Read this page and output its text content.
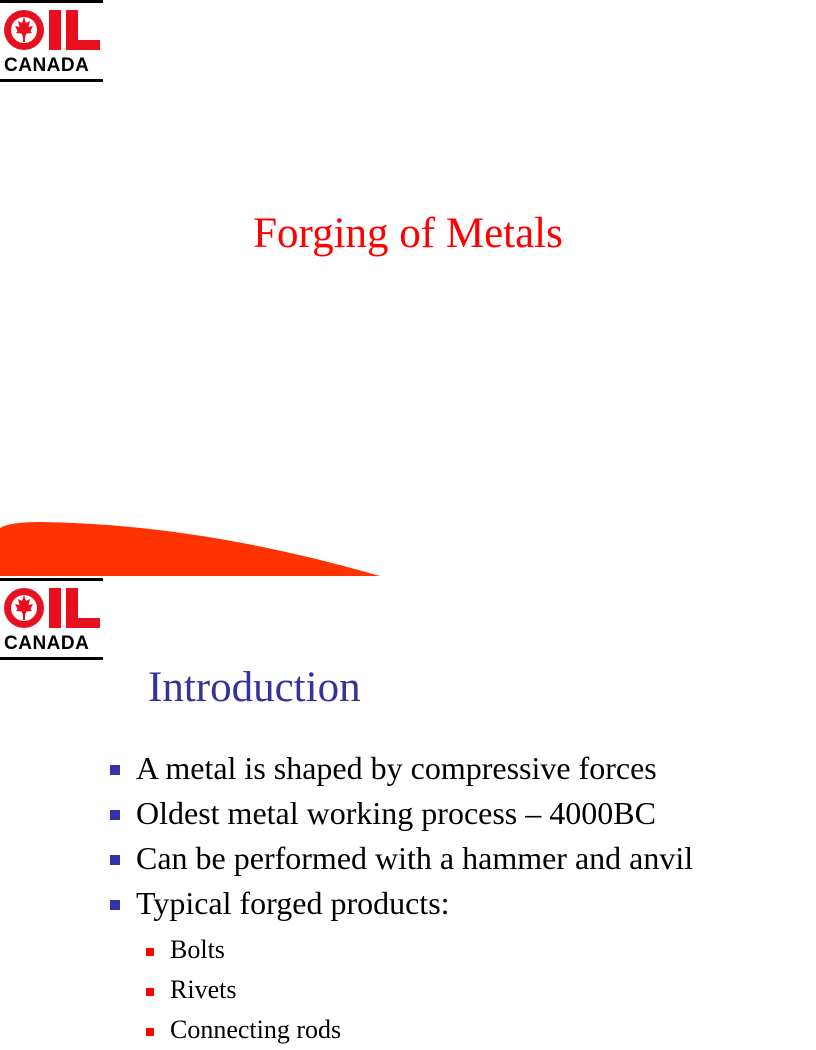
CANADA
Forging of Metals
CANADA
Introduction
A metal is shaped by compressive forces
Oldest metal working process – 4000BC
Can be performed with a hammer and anvil
Typical forged products:
Bolts
Rivets
Connecting rods
